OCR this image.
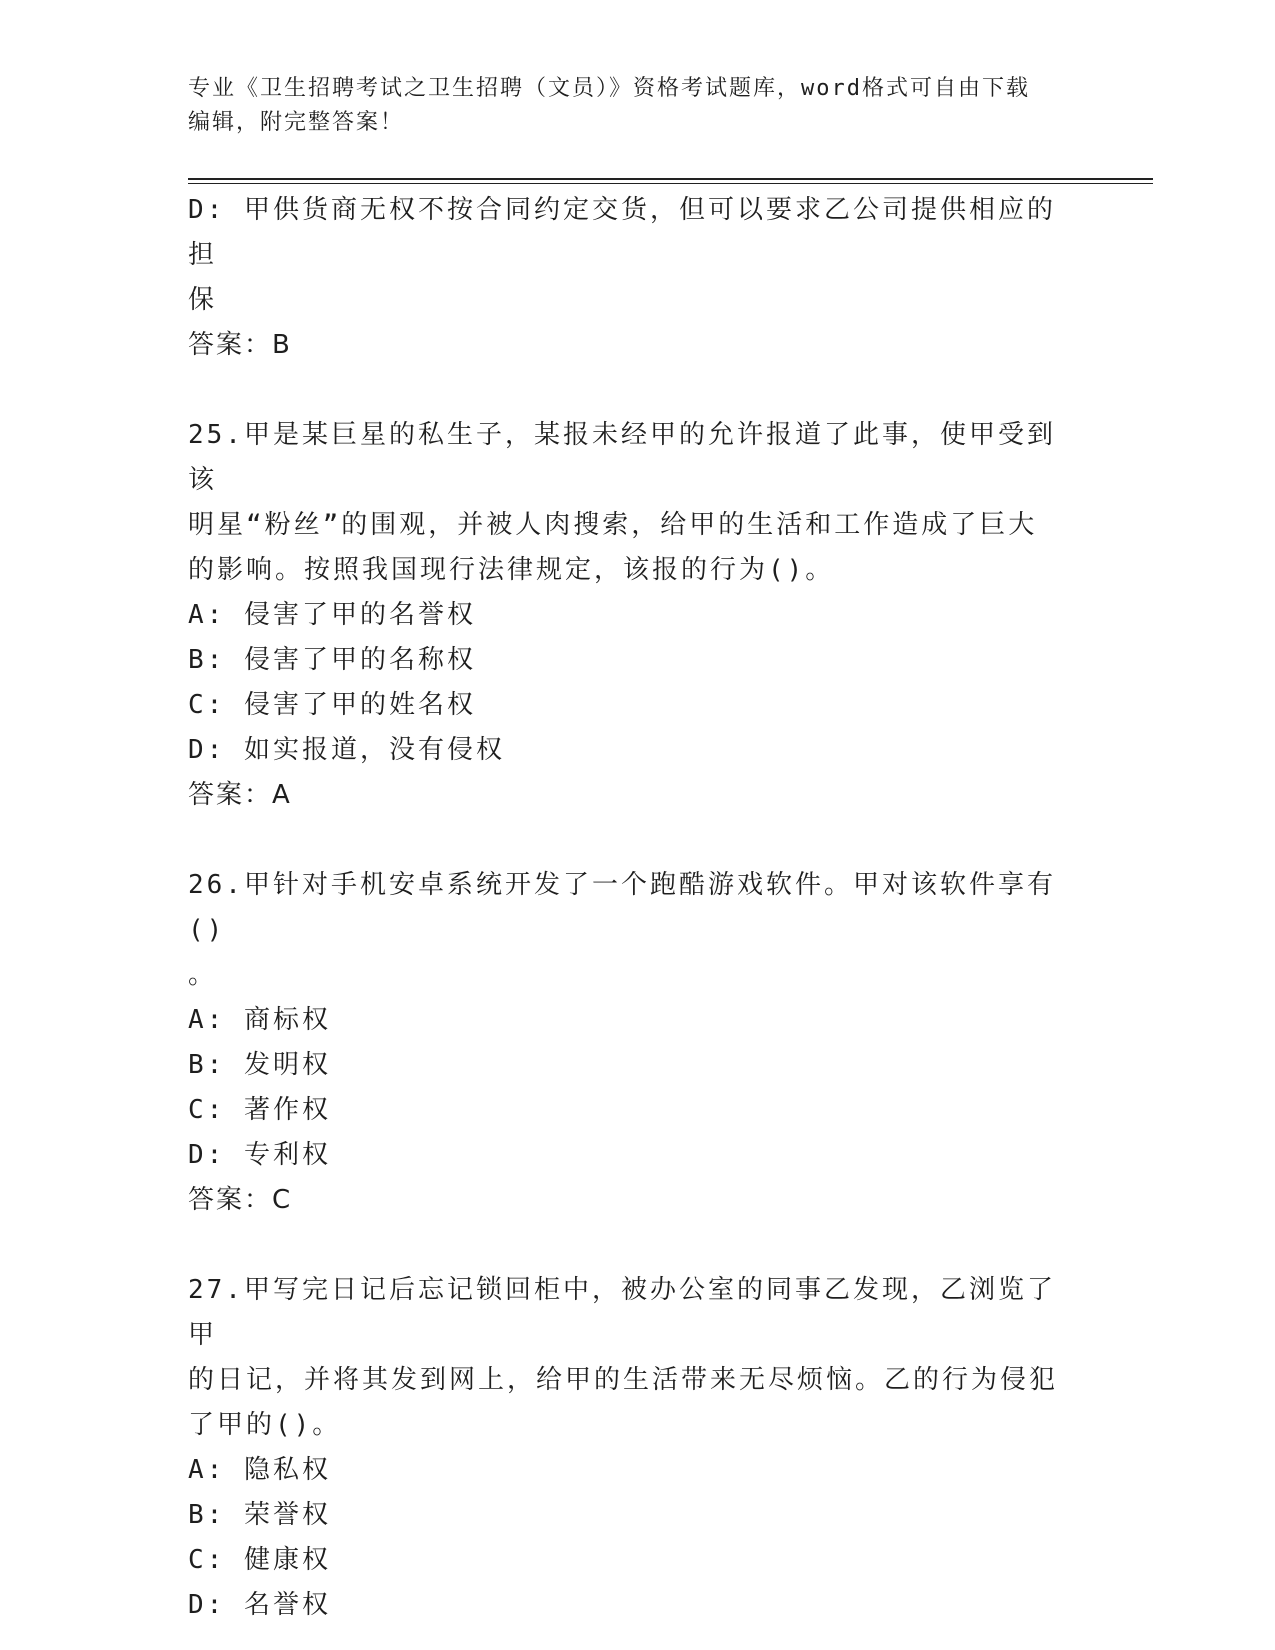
专业《卫生招聘考试之卫生招聘（文员）》资格考试题库，word格式可自由下载
编辑，附完整答案！
D: 甲供货商无权不按合同约定交货，但可以要求乙公司提供相应的担
保
答案：B
25.甲是某巨星的私生子，某报未经甲的允许报道了此事，使甲受到该
明星“粉丝”的围观，并被人肉搜索，给甲的生活和工作造成了巨大
的影响。按照我国现行法律规定，该报的行为()。
A: 侵害了甲的名誉权
B: 侵害了甲的名称权
C: 侵害了甲的姓名权
D: 如实报道，没有侵权
答案：A
26.甲针对手机安卓系统开发了一个跑酷游戏软件。甲对该软件享有()
。
A: 商标权
B: 发明权
C: 著作权
D: 专利权
答案：C
27.甲写完日记后忘记锁回柜中，被办公室的同事乙发现，乙浏览了甲
的日记，并将其发到网上，给甲的生活带来无尽烦恼。乙的行为侵犯
了甲的()。
A: 隐私权
B: 荣誉权
C: 健康权
D: 名誉权
